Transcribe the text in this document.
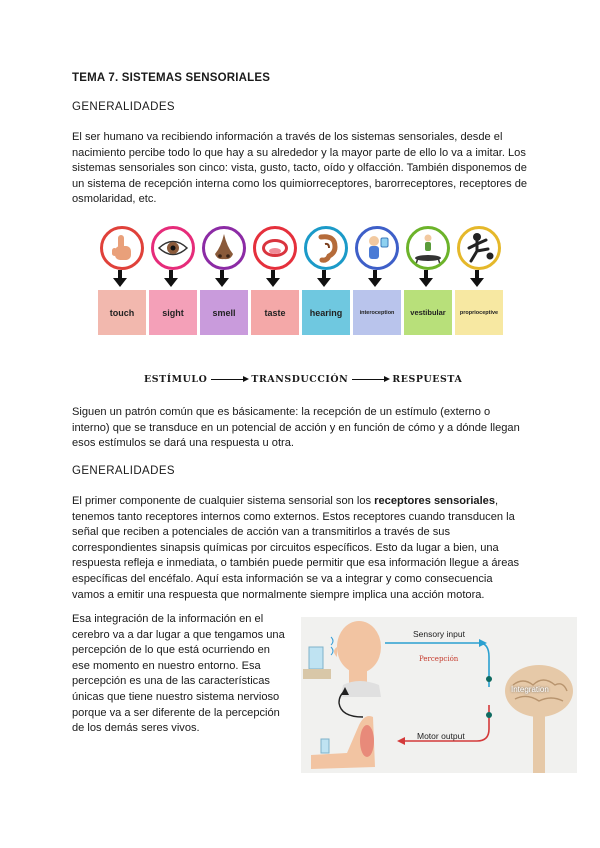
TEMA 7. SISTEMAS SENSORIALES
GENERALIDADES

El ser humano va recibiendo información a través de los sistemas sensoriales, desde el nacimiento percibe todo lo que hay a su alrededor y la mayor parte de ello lo va a imitar. Los sistemas sensoriales son cinco: vista, gusto, tacto, oído y olfacción. También disponemos de un sistema de recepción interna como los quimiorreceptores, barorreceptores, receptores de osmolaridad, etc.

touch	sight	smell	taste	hearing	interoception	vestibular	proprioceptive
ESTÍMULO	TRANSDUCCIÓN	RESPUESTA

Siguen un patrón común que es básicamente: la recepción de un estímulo (externo o interno) que se transduce en un potencial de acción y en función de cómo y a dónde llegan esos estímulos se dará una respuesta u otra.

GENERALIDADES

El primer componente de cualquier sistema sensorial son los receptores sensoriales, tenemos tanto receptores internos como externos. Estos receptores cuando transducen la señal que reciben a potenciales de acción van a transmitirlos a través de sus correspondientes sinapsis químicas por circuitos específicos. Esto da lugar a bien, una respuesta refleja e inmediata, o también puede permitir que esa información llegue a áreas específicas del encéfalo. Aquí esta información se va a integrar y como consecuencia vamos a emitir una respuesta que normalmente siempre implica una acción motora.

Esa integración de la información en el cerebro va a dar lugar a que tengamos una percepción de lo que está ocurriendo en ese momento en nuestro entorno. Esa percepción es una de las características únicas que tiene nuestro sistema nervioso porque va a ser diferente de la percepción de los demás seres vivos.

Sensory input
Percepción
Integration
Motor output
